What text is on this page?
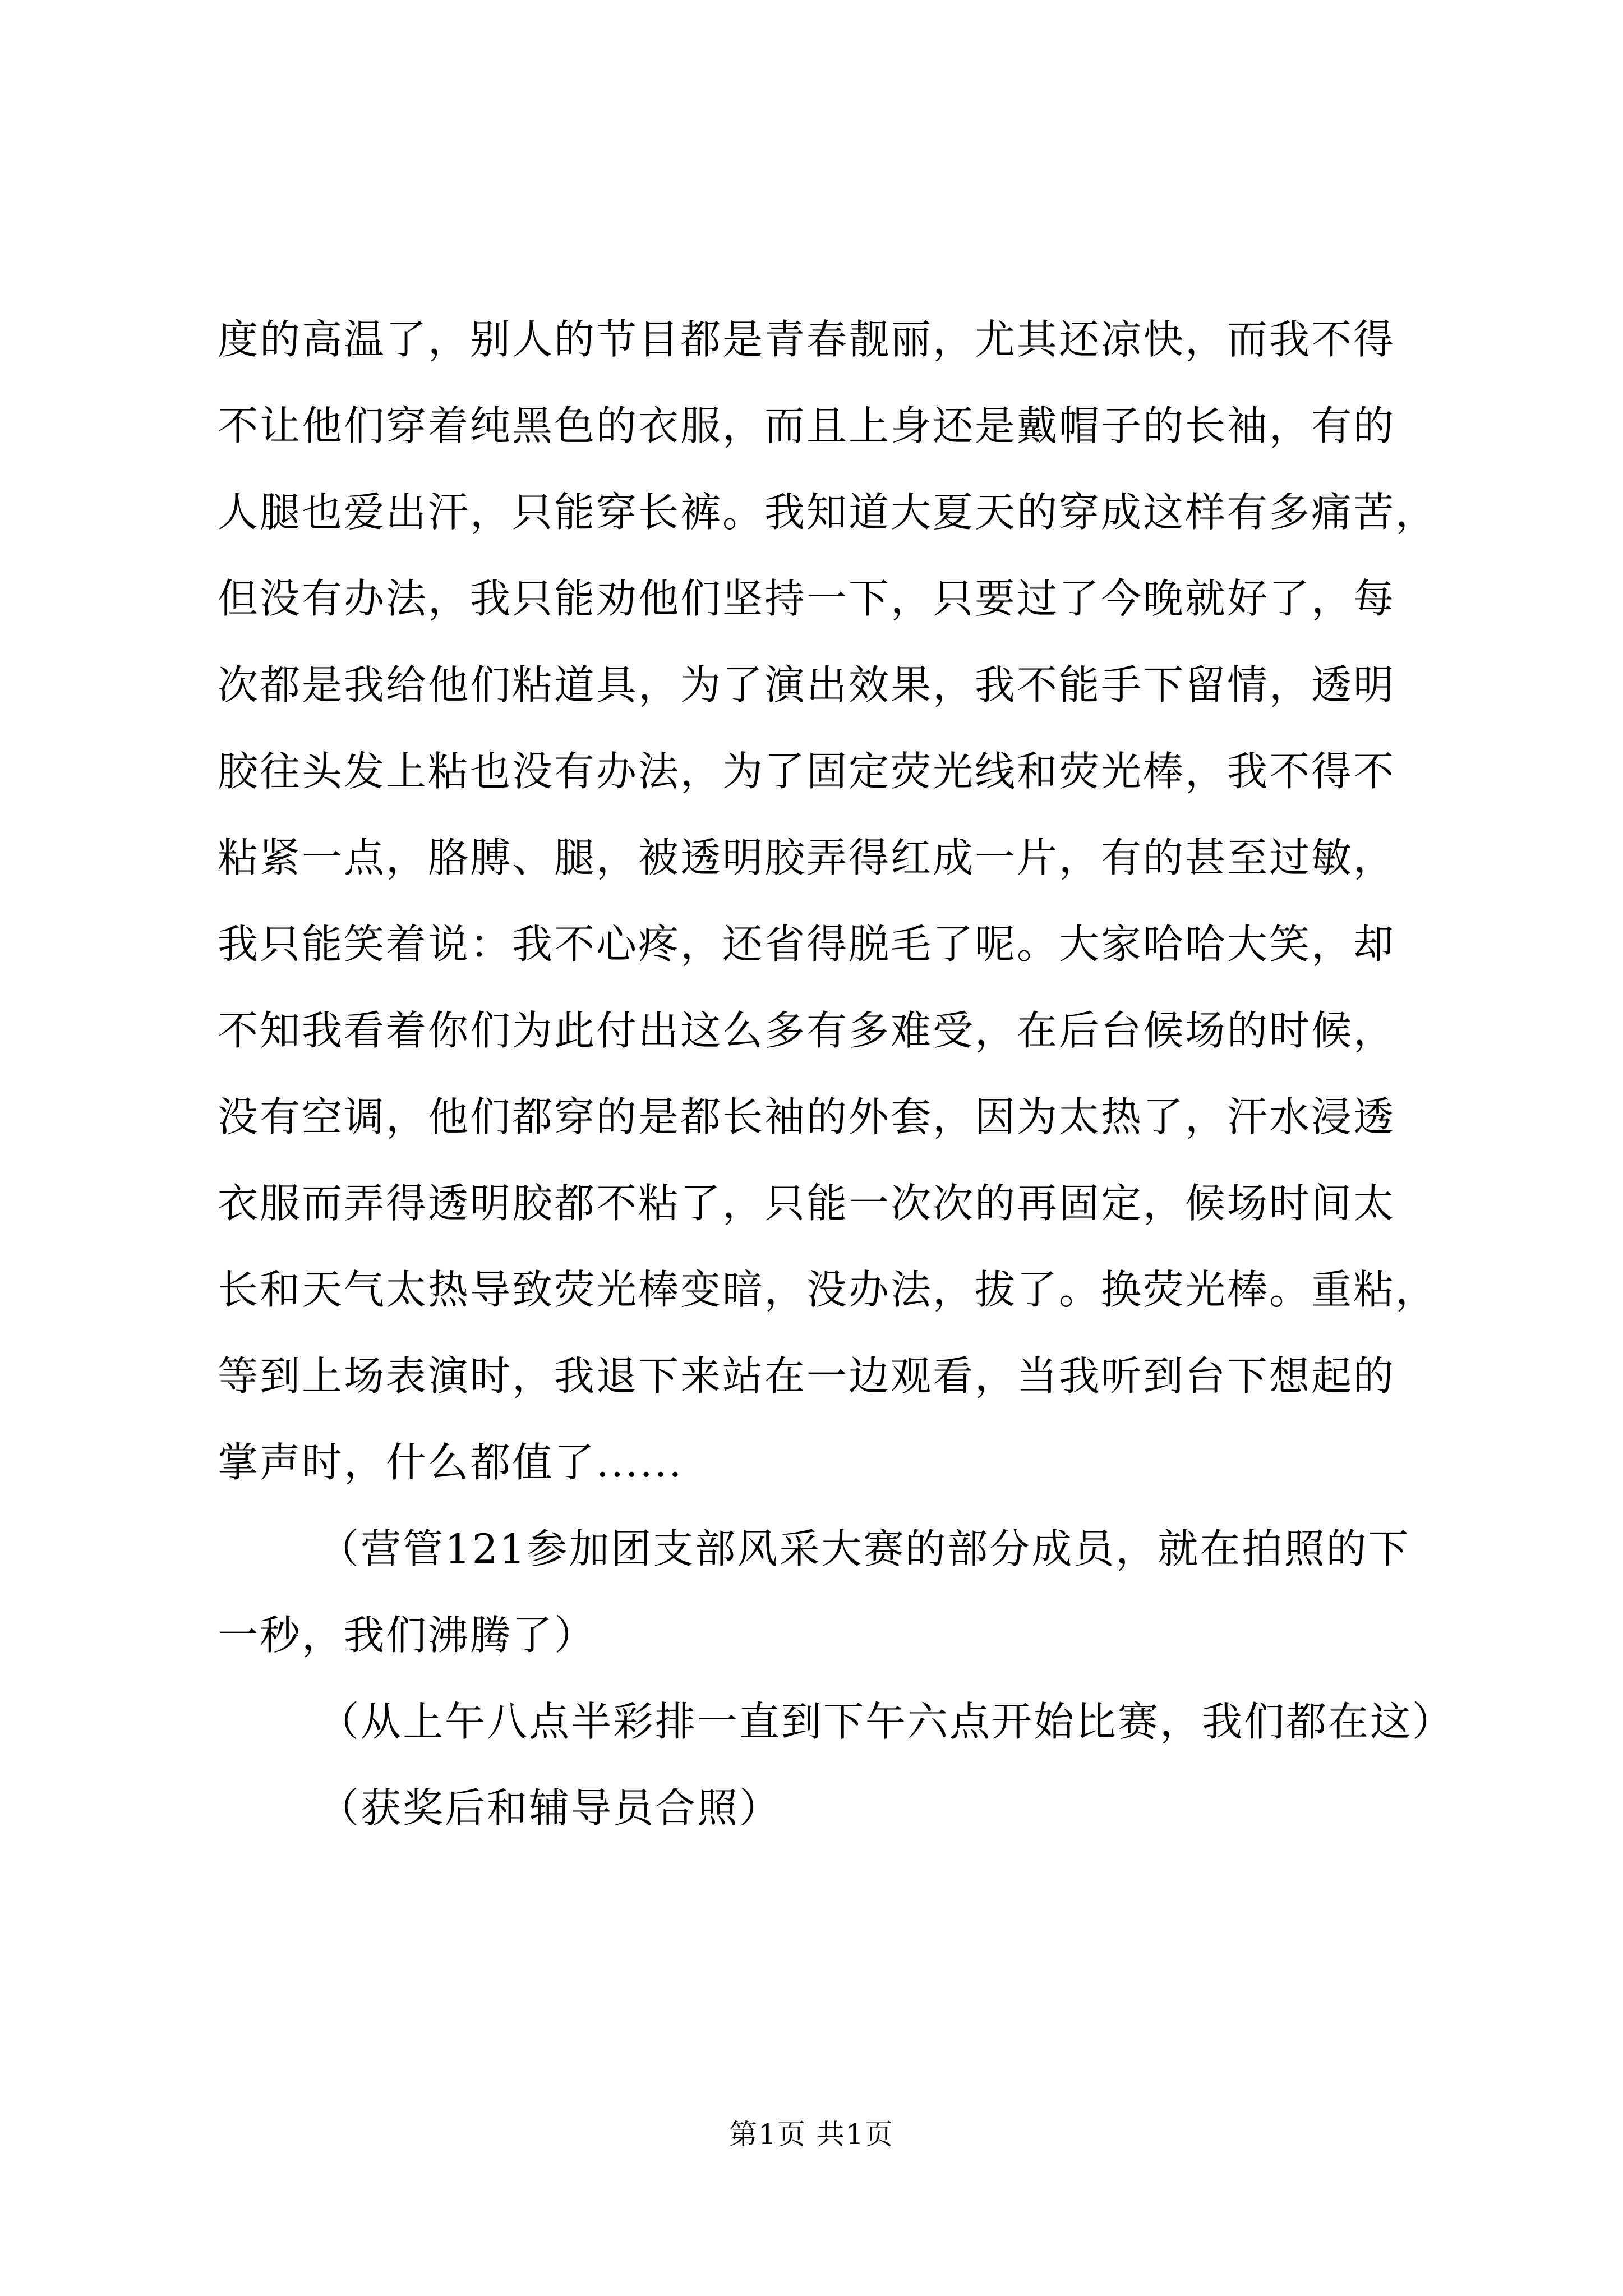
度的高温了，别人的节目都是青春靓丽，尤其还凉快，而我不得
不让他们穿着纯黑色的衣服，而且上身还是戴帽子的长袖，有的
人腿也爱出汗，只能穿长裤。我知道大夏天的穿成这样有多痛苦，
但没有办法，我只能劝他们坚持一下，只要过了今晚就好了，每
次都是我给他们粘道具，为了演出效果，我不能手下留情，透明
胶往头发上粘也没有办法，为了固定荧光线和荧光棒，我不得不
粘紧一点，胳膊、腿，被透明胶弄得红成一片，有的甚至过敏，
我只能笑着说：我不心疼，还省得脱毛了呢。大家哈哈大笑，却
不知我看着你们为此付出这么多有多难受，在后台候场的时候，
没有空调，他们都穿的是都长袖的外套，因为太热了，汗水浸透
衣服而弄得透明胶都不粘了，只能一次次的再固定，候场时间太
长和天气太热导致荧光棒变暗，没办法，拔了。换荧光棒。重粘，
等到上场表演时，我退下来站在一边观看，当我听到台下想起的
掌声时，什么都值了......
（营管121参加团支部风采大赛的部分成员，就在拍照的下
一秒，我们沸腾了）
（从上午八点半彩排一直到下午六点开始比赛，我们都在这）
（获奖后和辅导员合照）
第1页 共1页
